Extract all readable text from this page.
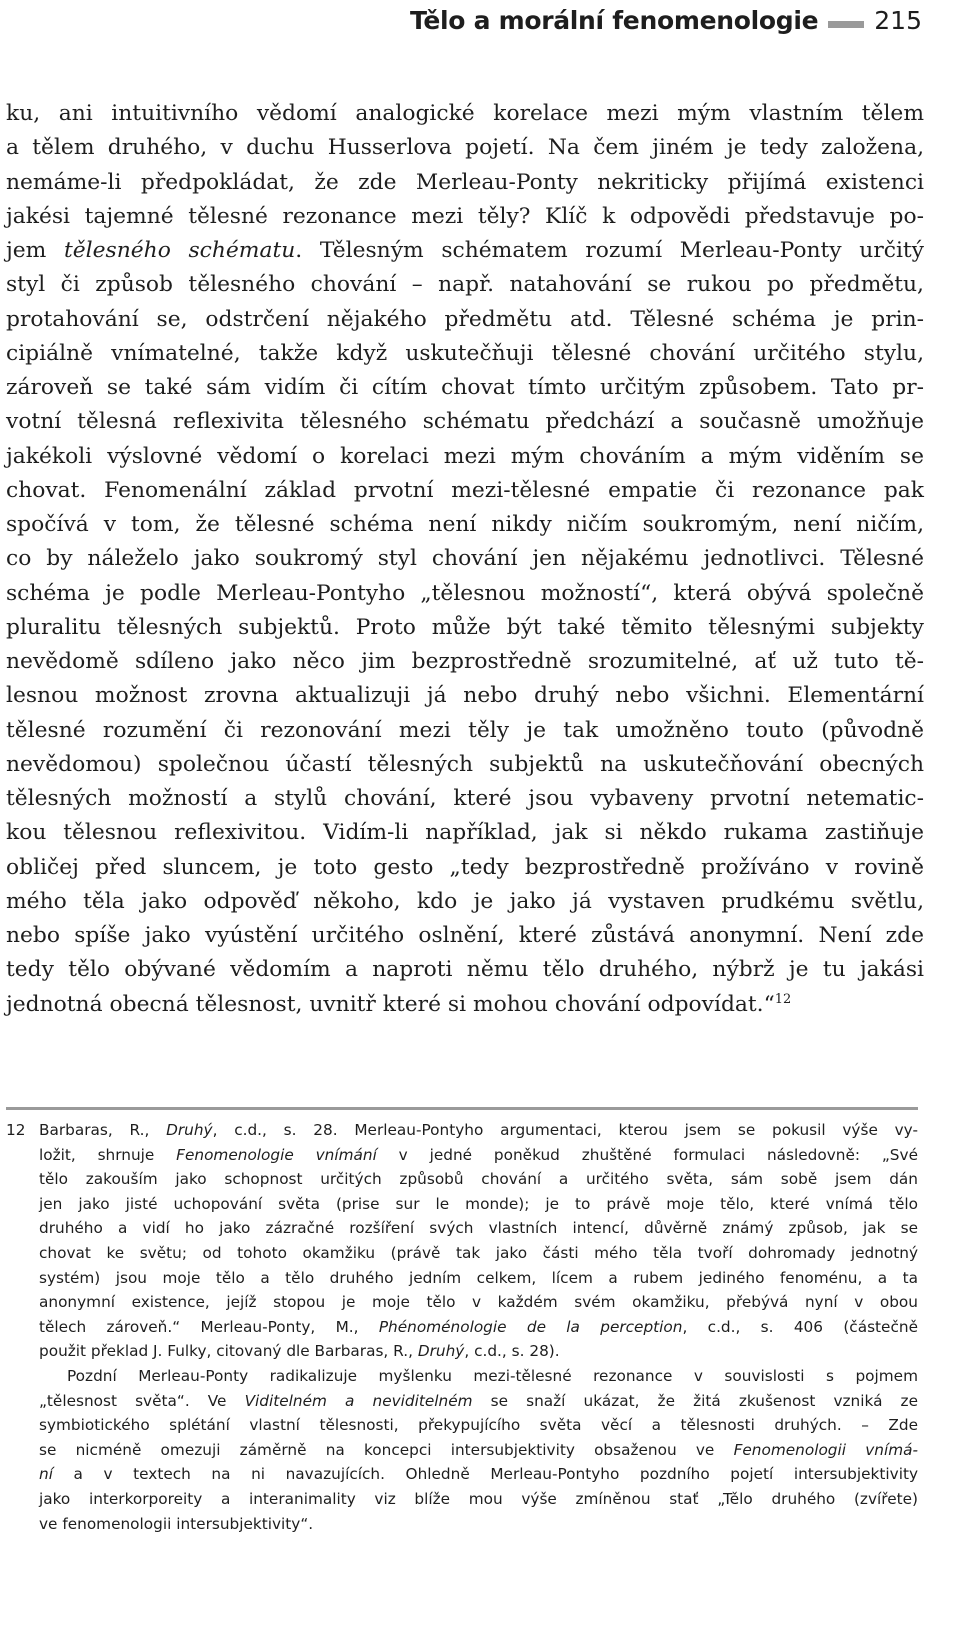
Tělo a morální fenomenologie 215
ku, ani intuitivního vědomí analogické korelace mezi mým vlastním tělem
a tělem druhého, v duchu Husserlova pojetí. Na čem jiném je tedy založena,
nemáme-li předpokládat, že zde Merleau-Ponty nekriticky přijímá existenci
jakési tajemné tělesné rezonance mezi těly? Klíč k odpovědi představuje po-
jem tělesného schématu. Tělesným schématem rozumí Merleau-Ponty určitý
styl či způsob tělesného chování – např. natahování se rukou po předmětu,
protahování se, odstrčení nějakého předmětu atd. Tělesné schéma je prin-
cipiálně vnímatelné, takže když uskutečňuji tělesné chování určitého stylu,
zároveň se také sám vidím či cítím chovat tímto určitým způsobem. Tato pr-
votní tělesná reflexivita tělesného schématu předchází a současně umožňuje
jakékoli výslovné vědomí o korelaci mezi mým chováním a mým viděním se
chovat. Fenomenální základ prvotní mezi-tělesné empatie či rezonance pak
spočívá v tom, že tělesné schéma není nikdy ničím soukromým, není ničím,
co by náleželo jako soukromý styl chování jen nějakému jednotlivci. Tělesné
schéma je podle Merleau-Pontyho „tělesnou možností“, která obývá společně
pluralitu tělesných subjektů. Proto může být také těmito tělesnými subjekty
nevědomě sdíleno jako něco jim bezprostředně srozumitelné, ať už tuto tě-
lesnou možnost zrovna aktualizuji já nebo druhý nebo všichni. Elementární
tělesné rozumění či rezonování mezi těly je tak umožněno touto (původně
nevědomou) společnou účastí tělesných subjektů na uskutečňování obecných
tělesných možností a stylů chování, které jsou vybaveny prvotní netematic-
kou tělesnou reflexivitou. Vidím-li například, jak si někdo rukama zastiňuje
obličej před sluncem, je toto gesto „tedy bezprostředně prožíváno v rovině
mého těla jako odpověď někoho, kdo je jako já vystaven prudkému světlu,
nebo spíše jako vyústění určitého oslnění, které zůstává anonymní. Není zde
tedy tělo obývané vědomím a naproti němu tělo druhého, nýbrž je tu jakási
jednotná obecná tělesnost, uvnitř které si mohou chování odpovídat.“$^{12}$
12 Barbaras, R., Druhý, c.d., s. 28. Merleau-Pontyho argumentaci, kterou jsem se pokusil výše vy-
ložit, shrnuje Fenomenologie vnímání v jedné poněkud zhuštěné formulaci následovně: „Své
tělo zakouším jako schopnost určitých způsobů chování a určitého světa, sám sobě jsem dán
jen jako jisté uchopování světa (prise sur le monde); je to právě moje tělo, které vnímá tělo
druhého a vidí ho jako zázračné rozšíření svých vlastních intencí, důvěrně známý způsob, jak se
chovat ke světu; od tohoto okamžiku (právě tak jako části mého těla tvoří dohromady jednotný
systém) jsou moje tělo a tělo druhého jedním celkem, lícem a rubem jediného fenoménu, a ta
anonymní existence, jejíž stopou je moje tělo v každém svém okamžiku, přebývá nyní v obou
tělech zároveň.“ Merleau-Ponty, M., Phénoménologie de la perception, c.d., s. 406 (částečně
použit překlad J. Fulky, citovaný dle Barbaras, R., Druhý, c.d., s. 28).
Pozdní Merleau-Ponty radikalizuje myšlenku mezi-tělesné rezonance v souvislosti s pojmem
„tělesnost světa“. Ve Viditelném a neviditelném se snaží ukázat, že žitá zkušenost vzniká ze
symbiotického splétání vlastní tělesnosti, překypujícího světa věcí a tělesnosti druhých. – Zde
se nicméně omezuji záměrně na koncepci intersubjektivity obsaženou ve Fenomenologii vnímá-
ní a v textech na ni navazujících. Ohledně Merleau-Pontyho pozdního pojetí intersubjektivity
jako interkorporeity a interanimality viz blíže mou výše zmíněnou stať „Tělo druhého (zvířete)
ve fenomenologii intersubjektivity“.
